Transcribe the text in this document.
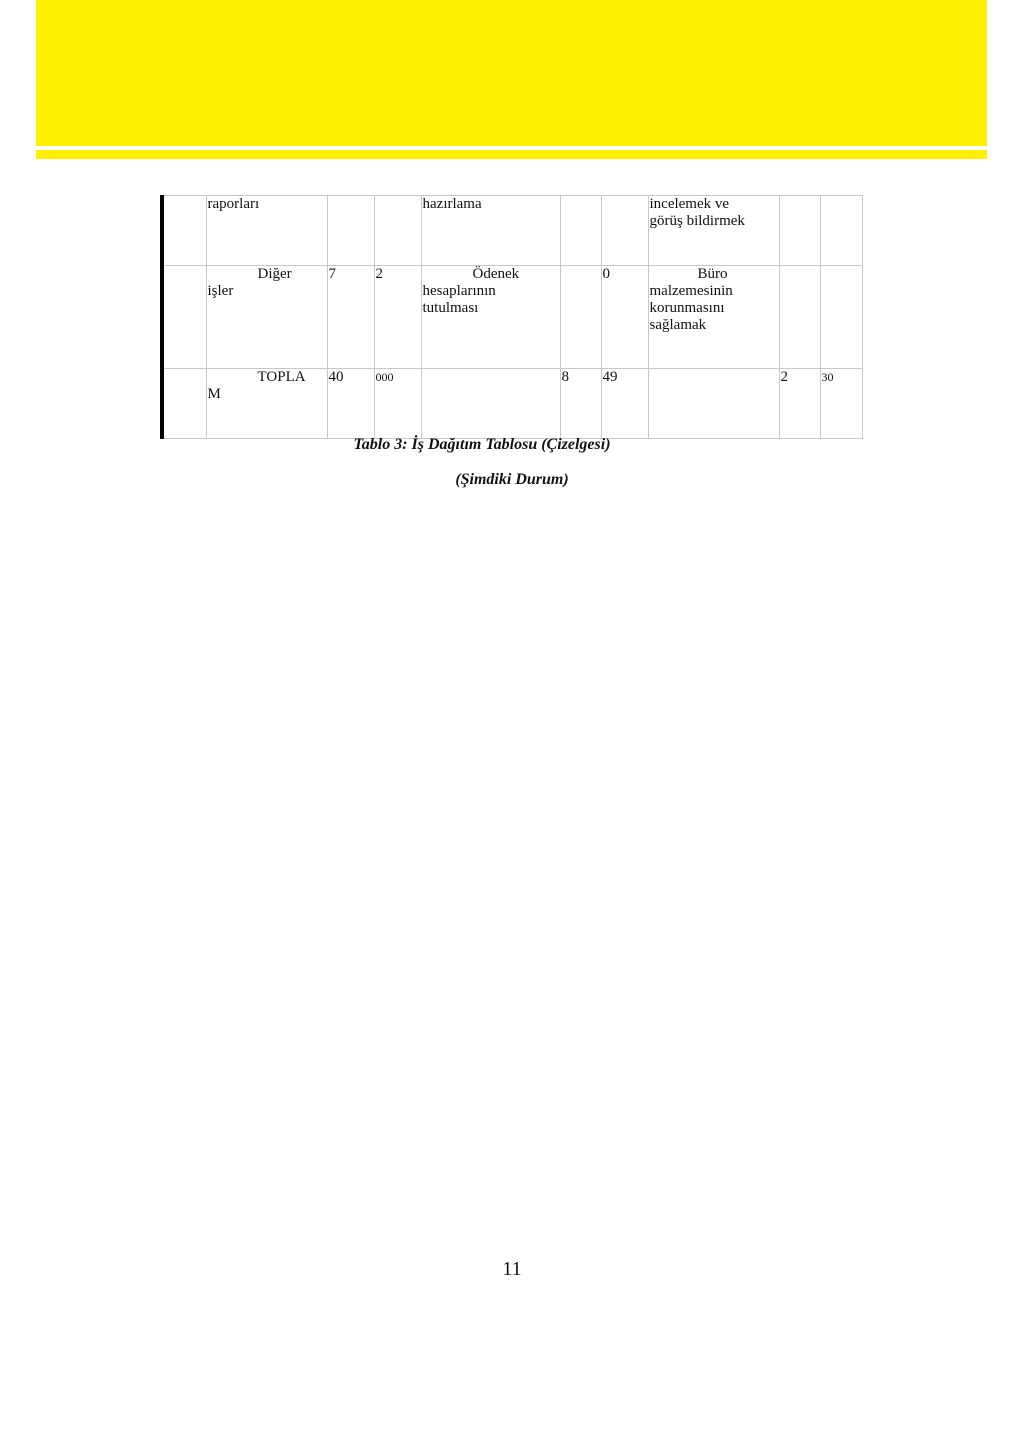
	raporları			hazırlama			incelemek ve
görüş bildirmek		
	Diğer
işler	7	2	Ödenek
hesaplarının
tutulması		0	Büro
malzemesinin
korunmasını
sağlamak		
	TOPLA
M	40	000		8	49		2	30
Tablo 3: İş Dağıtım Tablosu (Çizelgesi)
(Şimdiki Durum)
11
